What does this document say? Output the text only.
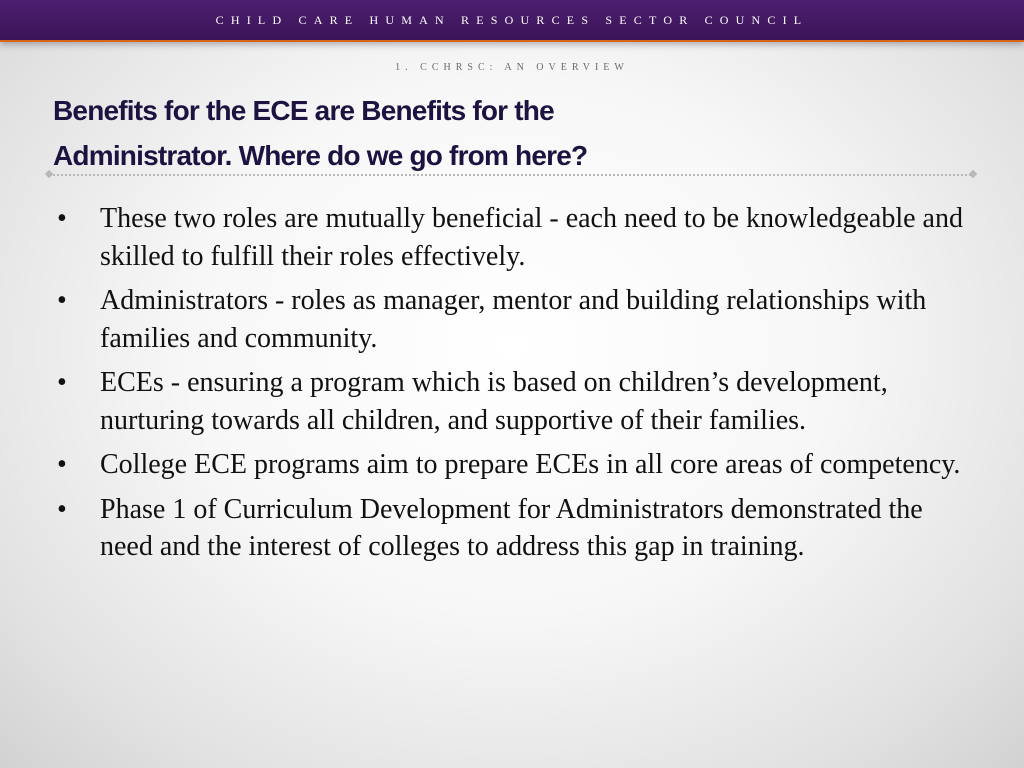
CHILD CARE HUMAN RESOURCES SECTOR COUNCIL
1. CCHRSC: AN OVERVIEW
Benefits for the ECE are Benefits for the
Administrator. Where do we go from here?
• These two roles are mutually beneficial - each need to be knowledgeable and skilled to fulfill their roles effectively.
• Administrators - roles as manager, mentor and building relationships with families and community.
• ECEs - ensuring a program which is based on children’s development, nurturing towards all children, and supportive of their families.
• College ECE programs aim to prepare ECEs in all core areas of competency.
• Phase 1 of Curriculum Development for Administrators demonstrated the need and the interest of colleges to address this gap in training.
